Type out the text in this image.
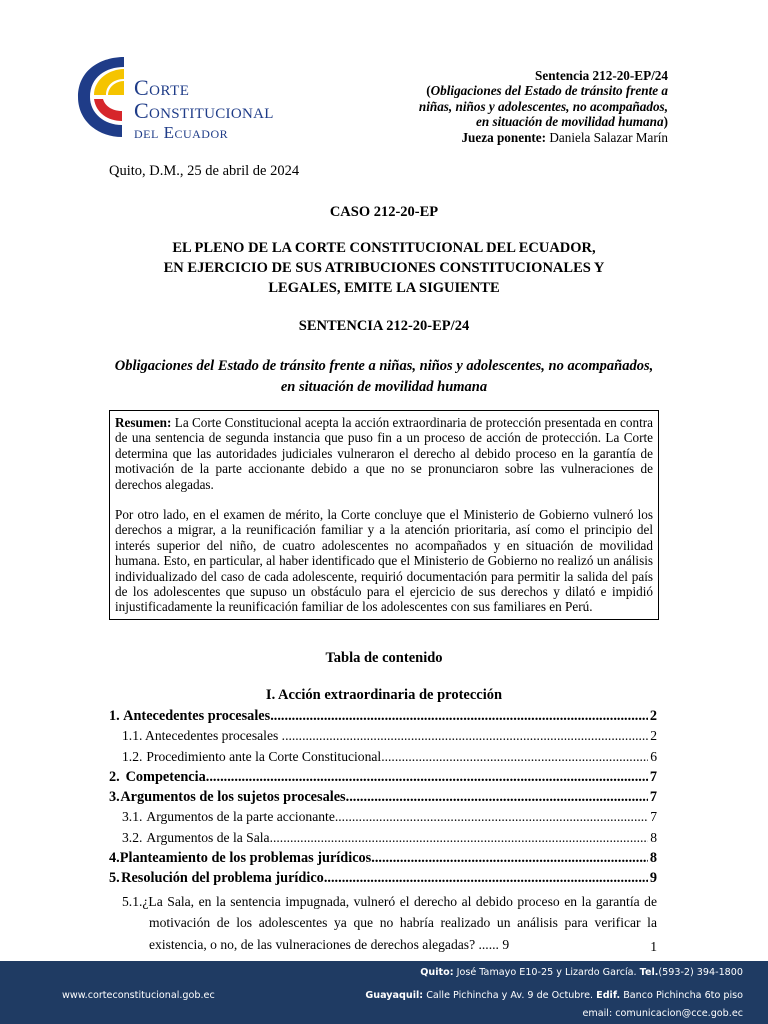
Corte
Constitucional
del Ecuador
Sentencia 212-20-EP/24
(Obligaciones del Estado de tránsito frente a
niñas, niños y adolescentes, no acompañados,
en situación de movilidad humana)
Jueza ponente: Daniela Salazar Marín
Quito, D.M., 25 de abril de 2024
CASO 212-20-EP
EL PLENO DE LA CORTE CONSTITUCIONAL DEL ECUADOR,
EN EJERCICIO DE SUS ATRIBUCIONES CONSTITUCIONALES Y
LEGALES, EMITE LA SIGUIENTE
SENTENCIA 212-20-EP/24
Obligaciones del Estado de tránsito frente a niñas, niños y adolescentes, no acompañados, en situación de movilidad humana

Resumen: La Corte Constitucional acepta la acción extraordinaria de protección presentada en contra de una sentencia de segunda instancia que puso fin a un proceso de acción de protección. La Corte determina que las autoridades judiciales vulneraron el derecho al debido proceso en la garantía de motivación de la parte accionante debido a que no se pronunciaron sobre las vulneraciones de derechos alegadas.

Por otro lado, en el examen de mérito, la Corte concluye que el Ministerio de Gobierno vulneró los derechos a migrar, a la reunificación familiar y a la atención prioritaria, así como el principio del interés superior del niño, de cuatro adolescentes no acompañados y en situación de movilidad humana. Esto, en particular, al haber identificado que el Ministerio de Gobierno no realizó un análisis individualizado del caso de cada adolescente, requirió documentación para permitir la salida del país de los adolescentes que supuso un obstáculo para el ejercicio de sus derechos y dilató e impidió injustificadamente la reunificación familiar de los adolescentes con sus familiares en Perú.

Tabla de contenido
I. Acción extraordinaria de protección
1. Antecedentes procesales .....	2
1.1. Antecedentes procesales .....	2
1.2. Procedimiento ante la Corte Constitucional .....	6
2. Competencia .....	7
3. Argumentos de los sujetos procesales .....	7
3.1. Argumentos de la parte accionante .....	7
3.2. Argumentos de la Sala .....	8
4. Planteamiento de los problemas jurídicos .....	8
5. Resolución del problema jurídico .....	9
5.1.¿La Sala, en la sentencia impugnada, vulneró el derecho al debido proceso en la garantía de motivación de los adolescentes ya que no habría realizado un análisis para verificar la existencia, o no, de las vulneraciones de derechos alegadas? ...... 9	1
www.corteconstitucional.gob.ec
Quito: José Tamayo E10-25 y Lizardo García. Tel.(593-2) 394-1800
Guayaquil: Calle Pichincha y Av. 9 de Octubre. Edif. Banco Pichincha 6to piso
email: comunicacion@cce.gob.ec
